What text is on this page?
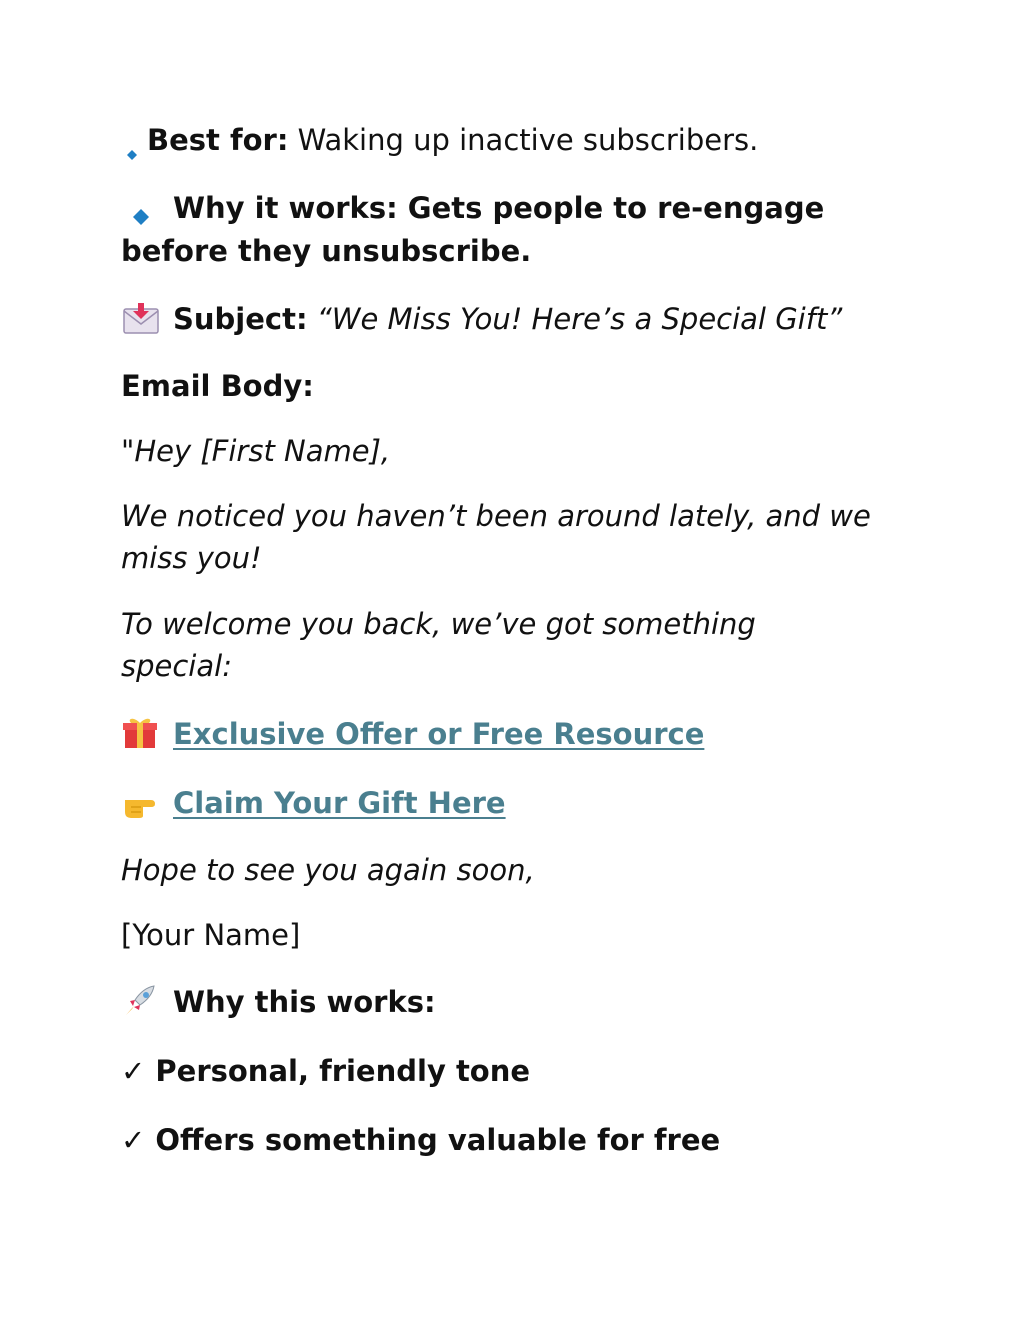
Best for: Waking up inactive subscribers.
Why it works: Gets people to re-engage
before they unsubscribe.
Subject: “We Miss You! Here’s a Special Gift”
Email Body:
"Hey [First Name],
We noticed you haven’t been around lately, and we
miss you!
To welcome you back, we’ve got something
special:
Exclusive Offer or Free Resource
Claim Your Gift Here
Hope to see you again soon,
[Your Name]
Why this works:
✓ Personal, friendly tone
✓ Offers something valuable for free
